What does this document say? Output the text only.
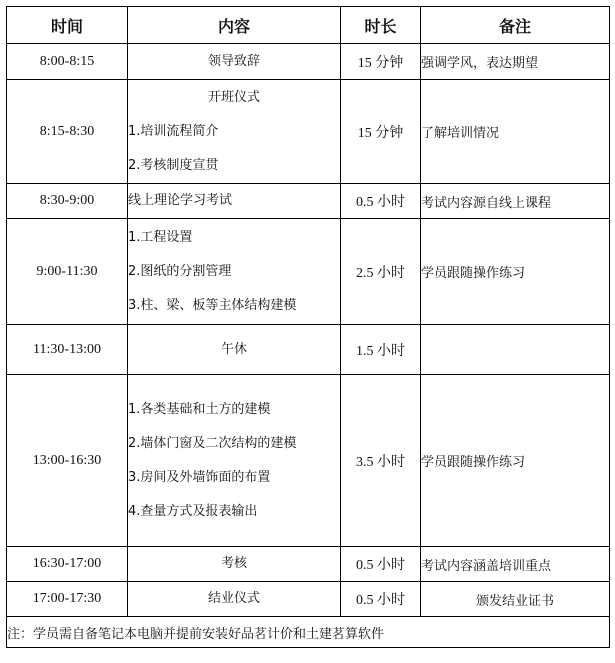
时间	内容	时长	备注
8:00-8:15	领导致辞	15 分钟	强调学风，表达期望
8:15-8:30	开班仪式
1.培训流程简介
2.考核制度宣贯	15 分钟	了解培训情况
8:30-9:00	线上理论学习考试	0.5 小时	考试内容源自线上课程
9:00-11:30	1.工程设置
2.图纸的分割管理
3.柱、梁、板等主体结构建模	2.5 小时	学员跟随操作练习
11:30-13:00	午休	1.5 小时	
13:00-16:30	1.各类基础和土方的建模
2.墙体门窗及二次结构的建模
3.房间及外墙饰面的布置
4.查量方式及报表输出	3.5 小时	学员跟随操作练习
16:30-17:00	考核	0.5 小时	考试内容涵盖培训重点
17:00-17:30	结业仪式	0.5 小时	颁发结业证书
注：学员需自备笔记本电脑并提前安装好品茗计价和土建茗算软件			
